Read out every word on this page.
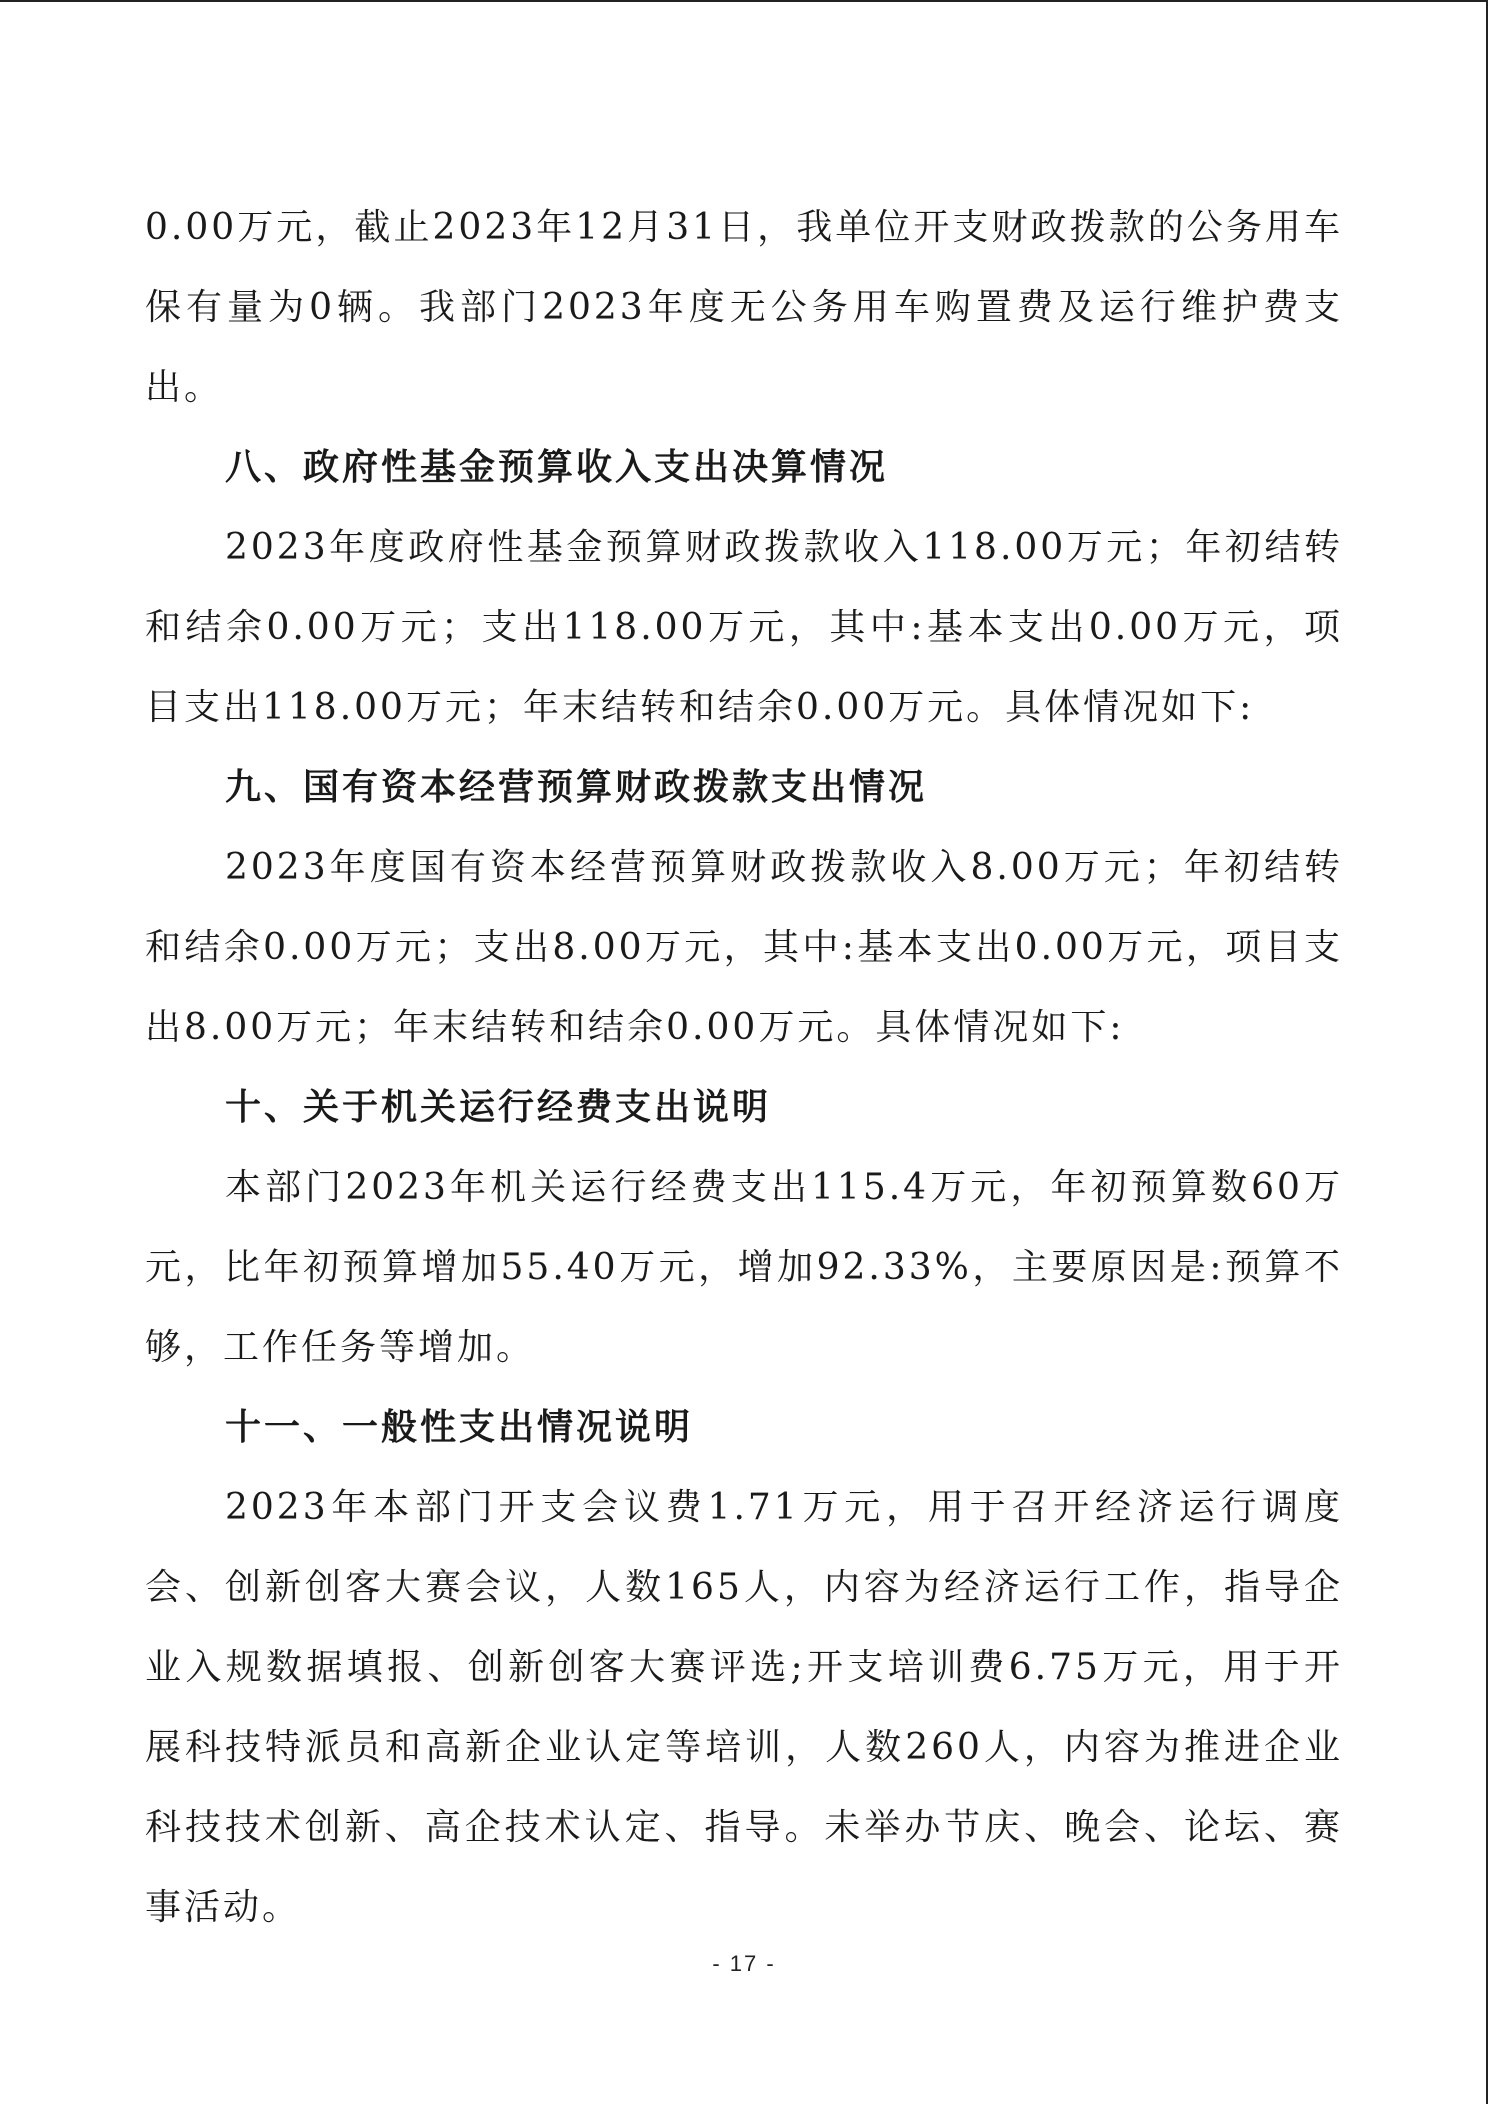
0.00万元，截止2023年12月31日，我单位开支财政拨款的公务用车保有量为0辆。我部门2023年度无公务用车购置费及运行维护费支出。

八、政府性基金预算收入支出决算情况

2023年度政府性基金预算财政拨款收入118.00万元；年初结转和结余0.00万元；支出118.00万元，其中:基本支出0.00万元，项目支出118.00万元；年末结转和结余0.00万元。具体情况如下:

九、国有资本经营预算财政拨款支出情况

2023年度国有资本经营预算财政拨款收入8.00万元；年初结转和结余0.00万元；支出8.00万元，其中:基本支出0.00万元，项目支出8.00万元；年末结转和结余0.00万元。具体情况如下:

十、关于机关运行经费支出说明

本部门2023年机关运行经费支出115.4万元，年初预算数60万元，比年初预算增加55.40万元，增加92.33%，主要原因是:预算不够，工作任务等增加。

十一、一般性支出情况说明

2023年本部门开支会议费1.71万元，用于召开经济运行调度会、创新创客大赛会议，人数165人，内容为经济运行工作，指导企业入规数据填报、创新创客大赛评选;开支培训费6.75万元，用于开展科技特派员和高新企业认定等培训，人数260人，内容为推进企业科技技术创新、高企技术认定、指导。未举办节庆、晚会、论坛、赛事活动。

- 17 -
